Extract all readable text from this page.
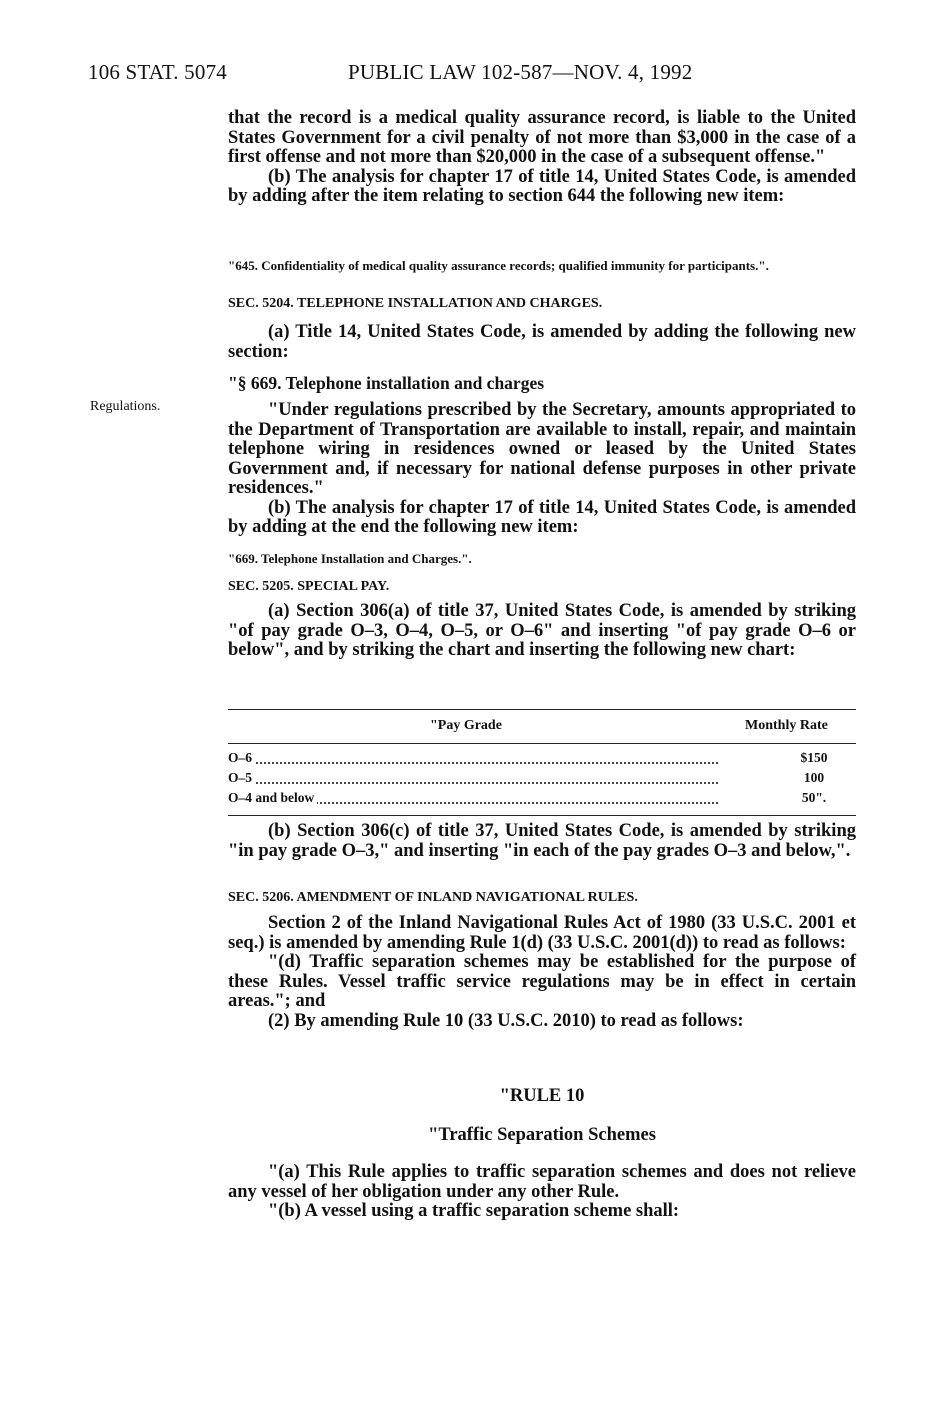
106 STAT. 5074	PUBLIC LAW 102-587—NOV. 4, 1992
Regulations.

that the record is a medical quality assurance record, is liable to the United States Government for a civil penalty of not more than $3,000 in the case of a first offense and not more than $20,000 in the case of a subsequent offense."

(b) The analysis for chapter 17 of title 14, United States Code, is amended by adding after the item relating to section 644 the following new item:

"645. Confidentiality of medical quality assurance records; qualified immunity for participants.".
SEC. 5204. TELEPHONE INSTALLATION AND CHARGES.

(a) Title 14, United States Code, is amended by adding the following new section:

"§ 669. Telephone installation and charges

"Under regulations prescribed by the Secretary, amounts appropriated to the Department of Transportation are available to install, repair, and maintain telephone wiring in residences owned or leased by the United States Government and, if necessary for national defense purposes in other private residences."

(b) The analysis for chapter 17 of title 14, United States Code, is amended by adding at the end the following new item:

"669. Telephone Installation and Charges.".
SEC. 5205. SPECIAL PAY.

(a) Section 306(a) of title 37, United States Code, is amended by striking "of pay grade O–3, O–4, O–5, or O–6" and inserting "of pay grade O–6 or below", and by striking the chart and inserting the following new chart:

"Pay Grade	Monthly Rate
O–6	$150
O–5	100
O–4 and below	50".

(b) Section 306(c) of title 37, United States Code, is amended by striking "in pay grade O–3," and inserting "in each of the pay grades O–3 and below,".

SEC. 5206. AMENDMENT OF INLAND NAVIGATIONAL RULES.

Section 2 of the Inland Navigational Rules Act of 1980 (33 U.S.C. 2001 et seq.) is amended by amending Rule 1(d) (33 U.S.C. 2001(d)) to read as follows:

"(d) Traffic separation schemes may be established for the purpose of these Rules. Vessel traffic service regulations may be in effect in certain areas."; and

(2) By amending Rule 10 (33 U.S.C. 2010) to read as follows:

"RULE 10
"Traffic Separation Schemes

"(a) This Rule applies to traffic separation schemes and does not relieve any vessel of her obligation under any other Rule.

"(b) A vessel using a traffic separation scheme shall:
